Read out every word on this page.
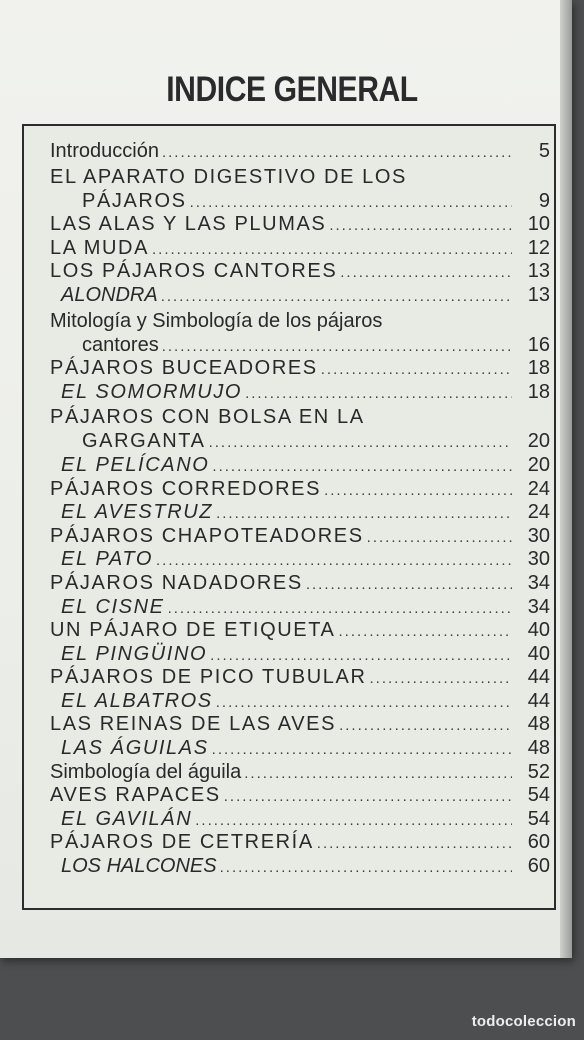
INDICE GENERAL
Introducción .....	5
EL APARATO DIGESTIVO DE LOS
PÁJAROS .....	9
LAS ALAS Y LAS PLUMAS .....	10
LA MUDA .....	12
LOS PÁJAROS CANTORES .....	13
ALONDRA .....	13
Mitología y Simbología de los pájaros
cantores .....	16
PÁJAROS BUCEADORES .....	18
EL SOMORMUJO .....	18
PÁJAROS CON BOLSA EN LA
GARGANTA .....	20
EL PELÍCANO .....	20
PÁJAROS CORREDORES .....	24
EL AVESTRUZ .....	24
PÁJAROS CHAPOTEADORES .....	30
EL PATO .....	30
PÁJAROS NADADORES .....	34
EL CISNE .....	34
UN PÁJARO DE ETIQUETA .....	40
EL PINGÜINO .....	40
PÁJAROS DE PICO TUBULAR .....	44
EL ALBATROS .....	44
LAS REINAS DE LAS AVES .....	48
LAS ÁGUILAS .....	48
Simbología del águila .....	52
AVES RAPACES .....	54
EL GAVILÁN .....	54
PÁJAROS DE CETRERÍA .....	60
LOS HALCONES .....	60
todocoleccion
